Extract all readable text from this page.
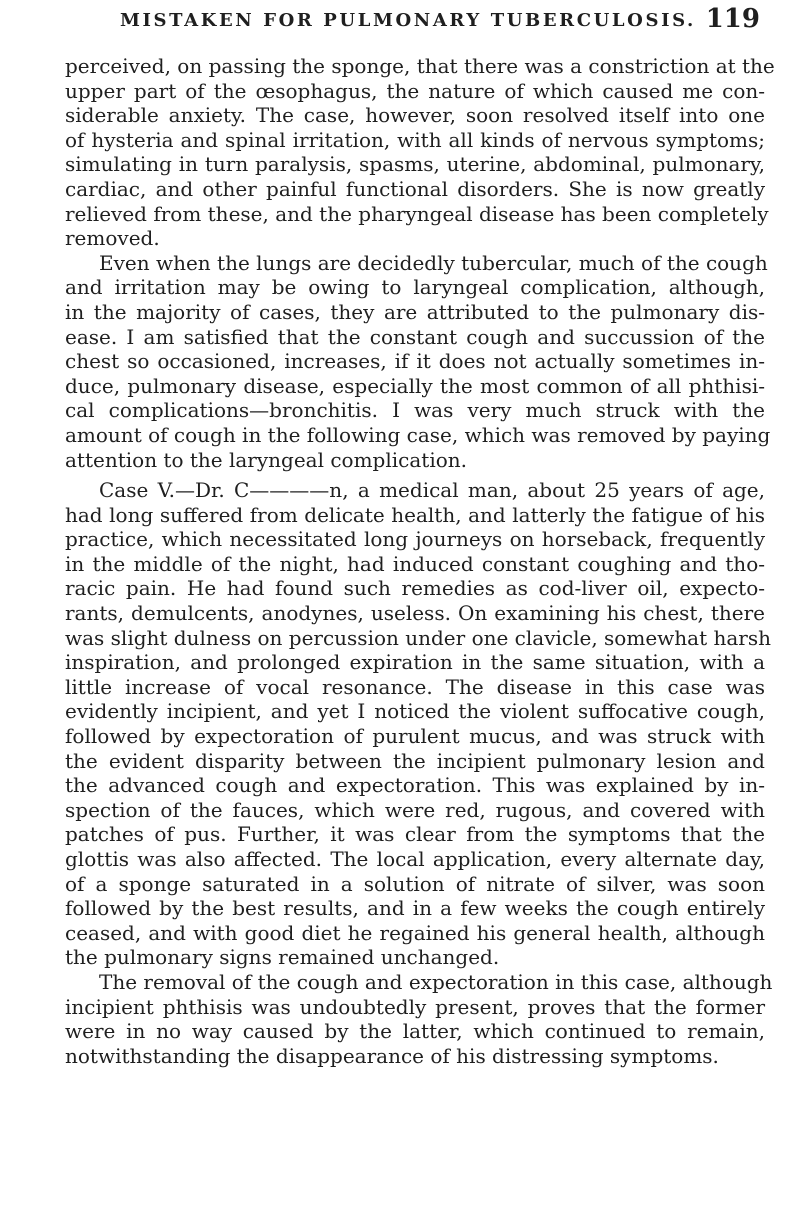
MISTAKEN FOR PULMONARY TUBERCULOSIS. 119
perceived, on passing the sponge, that there was a constriction at the
upper part of the œsophagus, the nature of which caused me con-
siderable anxiety. The case, however, soon resolved itself into one
of hysteria and spinal irritation, with all kinds of nervous symptoms;
simulating in turn paralysis, spasms, uterine, abdominal, pulmonary,
cardiac, and other painful functional disorders. She is now greatly
relieved from these, and the pharyngeal disease has been completely
removed.
Even when the lungs are decidedly tubercular, much of the cough
and irritation may be owing to laryngeal complication, although,
in the majority of cases, they are attributed to the pulmonary dis-
ease. I am satisfied that the constant cough and succussion of the
chest so occasioned, increases, if it does not actually sometimes in-
duce, pulmonary disease, especially the most common of all phthisi-
cal complications—bronchitis. I was very much struck with the
amount of cough in the following case, which was removed by paying
attention to the laryngeal complication.
Case V.—Dr. C————n, a medical man, about 25 years of age,
had long suffered from delicate health, and latterly the fatigue of his
practice, which necessitated long journeys on horseback, frequently
in the middle of the night, had induced constant coughing and tho-
racic pain. He had found such remedies as cod-liver oil, expecto-
rants, demulcents, anodynes, useless. On examining his chest, there
was slight dulness on percussion under one clavicle, somewhat harsh
inspiration, and prolonged expiration in the same situation, with a
little increase of vocal resonance. The disease in this case was
evidently incipient, and yet I noticed the violent suffocative cough,
followed by expectoration of purulent mucus, and was struck with
the evident disparity between the incipient pulmonary lesion and
the advanced cough and expectoration. This was explained by in-
spection of the fauces, which were red, rugous, and covered with
patches of pus. Further, it was clear from the symptoms that the
glottis was also affected. The local application, every alternate day,
of a sponge saturated in a solution of nitrate of silver, was soon
followed by the best results, and in a few weeks the cough entirely
ceased, and with good diet he regained his general health, although
the pulmonary signs remained unchanged.
The removal of the cough and expectoration in this case, although
incipient phthisis was undoubtedly present, proves that the former
were in no way caused by the latter, which continued to remain,
notwithstanding the disappearance of his distressing symptoms.
